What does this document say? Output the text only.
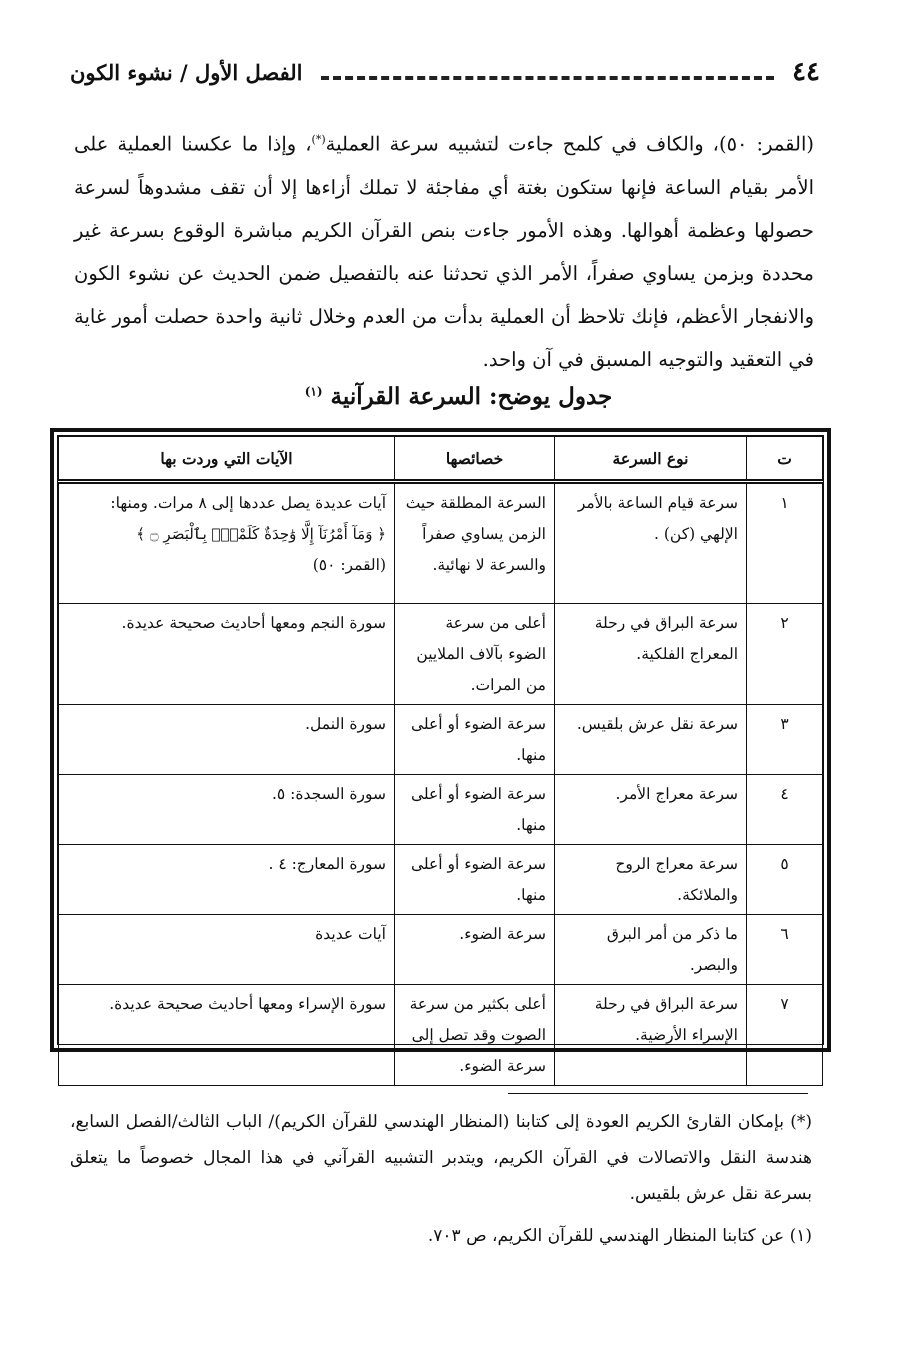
٤٤
الفصل الأول / نشوء الكون
(القمر: ٥٠)، والكاف في كلمح جاءت لتشبيه سرعة العملية(*)، وإذا ما عكسنا العملية على الأمر بقيام الساعة فإنها ستكون بغتة أي مفاجئة لا تملك أزاءها إلا أن تقف مشدوهاً لسرعة حصولها وعظمة أهوالها. وهذه الأمور جاءت بنص القرآن الكريم مباشرة الوقوع بسرعة غير محددة وبزمن يساوي صفراً، الأمر الذي تحدثنا عنه بالتفصيل ضمن الحديث عن نشوء الكون والانفجار الأعظم، فإنك تلاحظ أن العملية بدأت من العدم وخلال ثانية واحدة حصلت أمور غاية في التعقيد والتوجيه المسبق في آن واحد.
جدول يوضح: السرعة القرآنية $^{(١)}$
ت	نوع السرعة	خصائصها	الآيات التي وردت بها
١	سرعة قيام الساعة بالأمر الإلهي (كن) .	السرعة المطلقة حيث الزمن يساوي صفراً والسرعة لا نهائية.	آيات عديدة يصل عددها إلى ٨ مرات. ومنها:
﴿ وَمَآ أَمْرُنَآ إِلَّا وَٰحِدَةٌ كَلَمْحٍۭ بِٱلْبَصَرِ ۝ ﴾
(القمر: ٥٠)
٢	سرعة البراق في رحلة المعراج الفلكية.	أعلى من سرعة الضوء بآلاف الملايين من المرات.	سورة النجم ومعها أحاديث صحيحة عديدة.
٣	سرعة نقل عرش بلقيس.	سرعة الضوء أو أعلى منها.	سورة النمل.
٤	سرعة معراج الأمر.	سرعة الضوء أو أعلى منها.	سورة السجدة: ٥.
٥	سرعة معراج الروح والملائكة.	سرعة الضوء أو أعلى منها.	سورة المعارج: ٤ .
٦	ما ذكر من أمر البرق والبصر.	سرعة الضوء.	آيات عديدة
٧	سرعة البراق في رحلة الإسراء الأرضية.	أعلى بكثير من سرعة الصوت وقد تصل إلى سرعة الضوء.	سورة الإسراء ومعها أحاديث صحيحة عديدة.
(*) بإمكان القارئ الكريم العودة إلى كتابنا (المنظار الهندسي للقرآن الكريم)/ الباب الثالث/الفصل السابع، هندسة النقل والاتصالات في القرآن الكريم، ويتدبر التشبيه القرآني في هذا المجال خصوصاً ما يتعلق بسرعة نقل عرش بلقيس.
(١) عن كتابنا المنظار الهندسي للقرآن الكريم، ص ٧٠٣.
